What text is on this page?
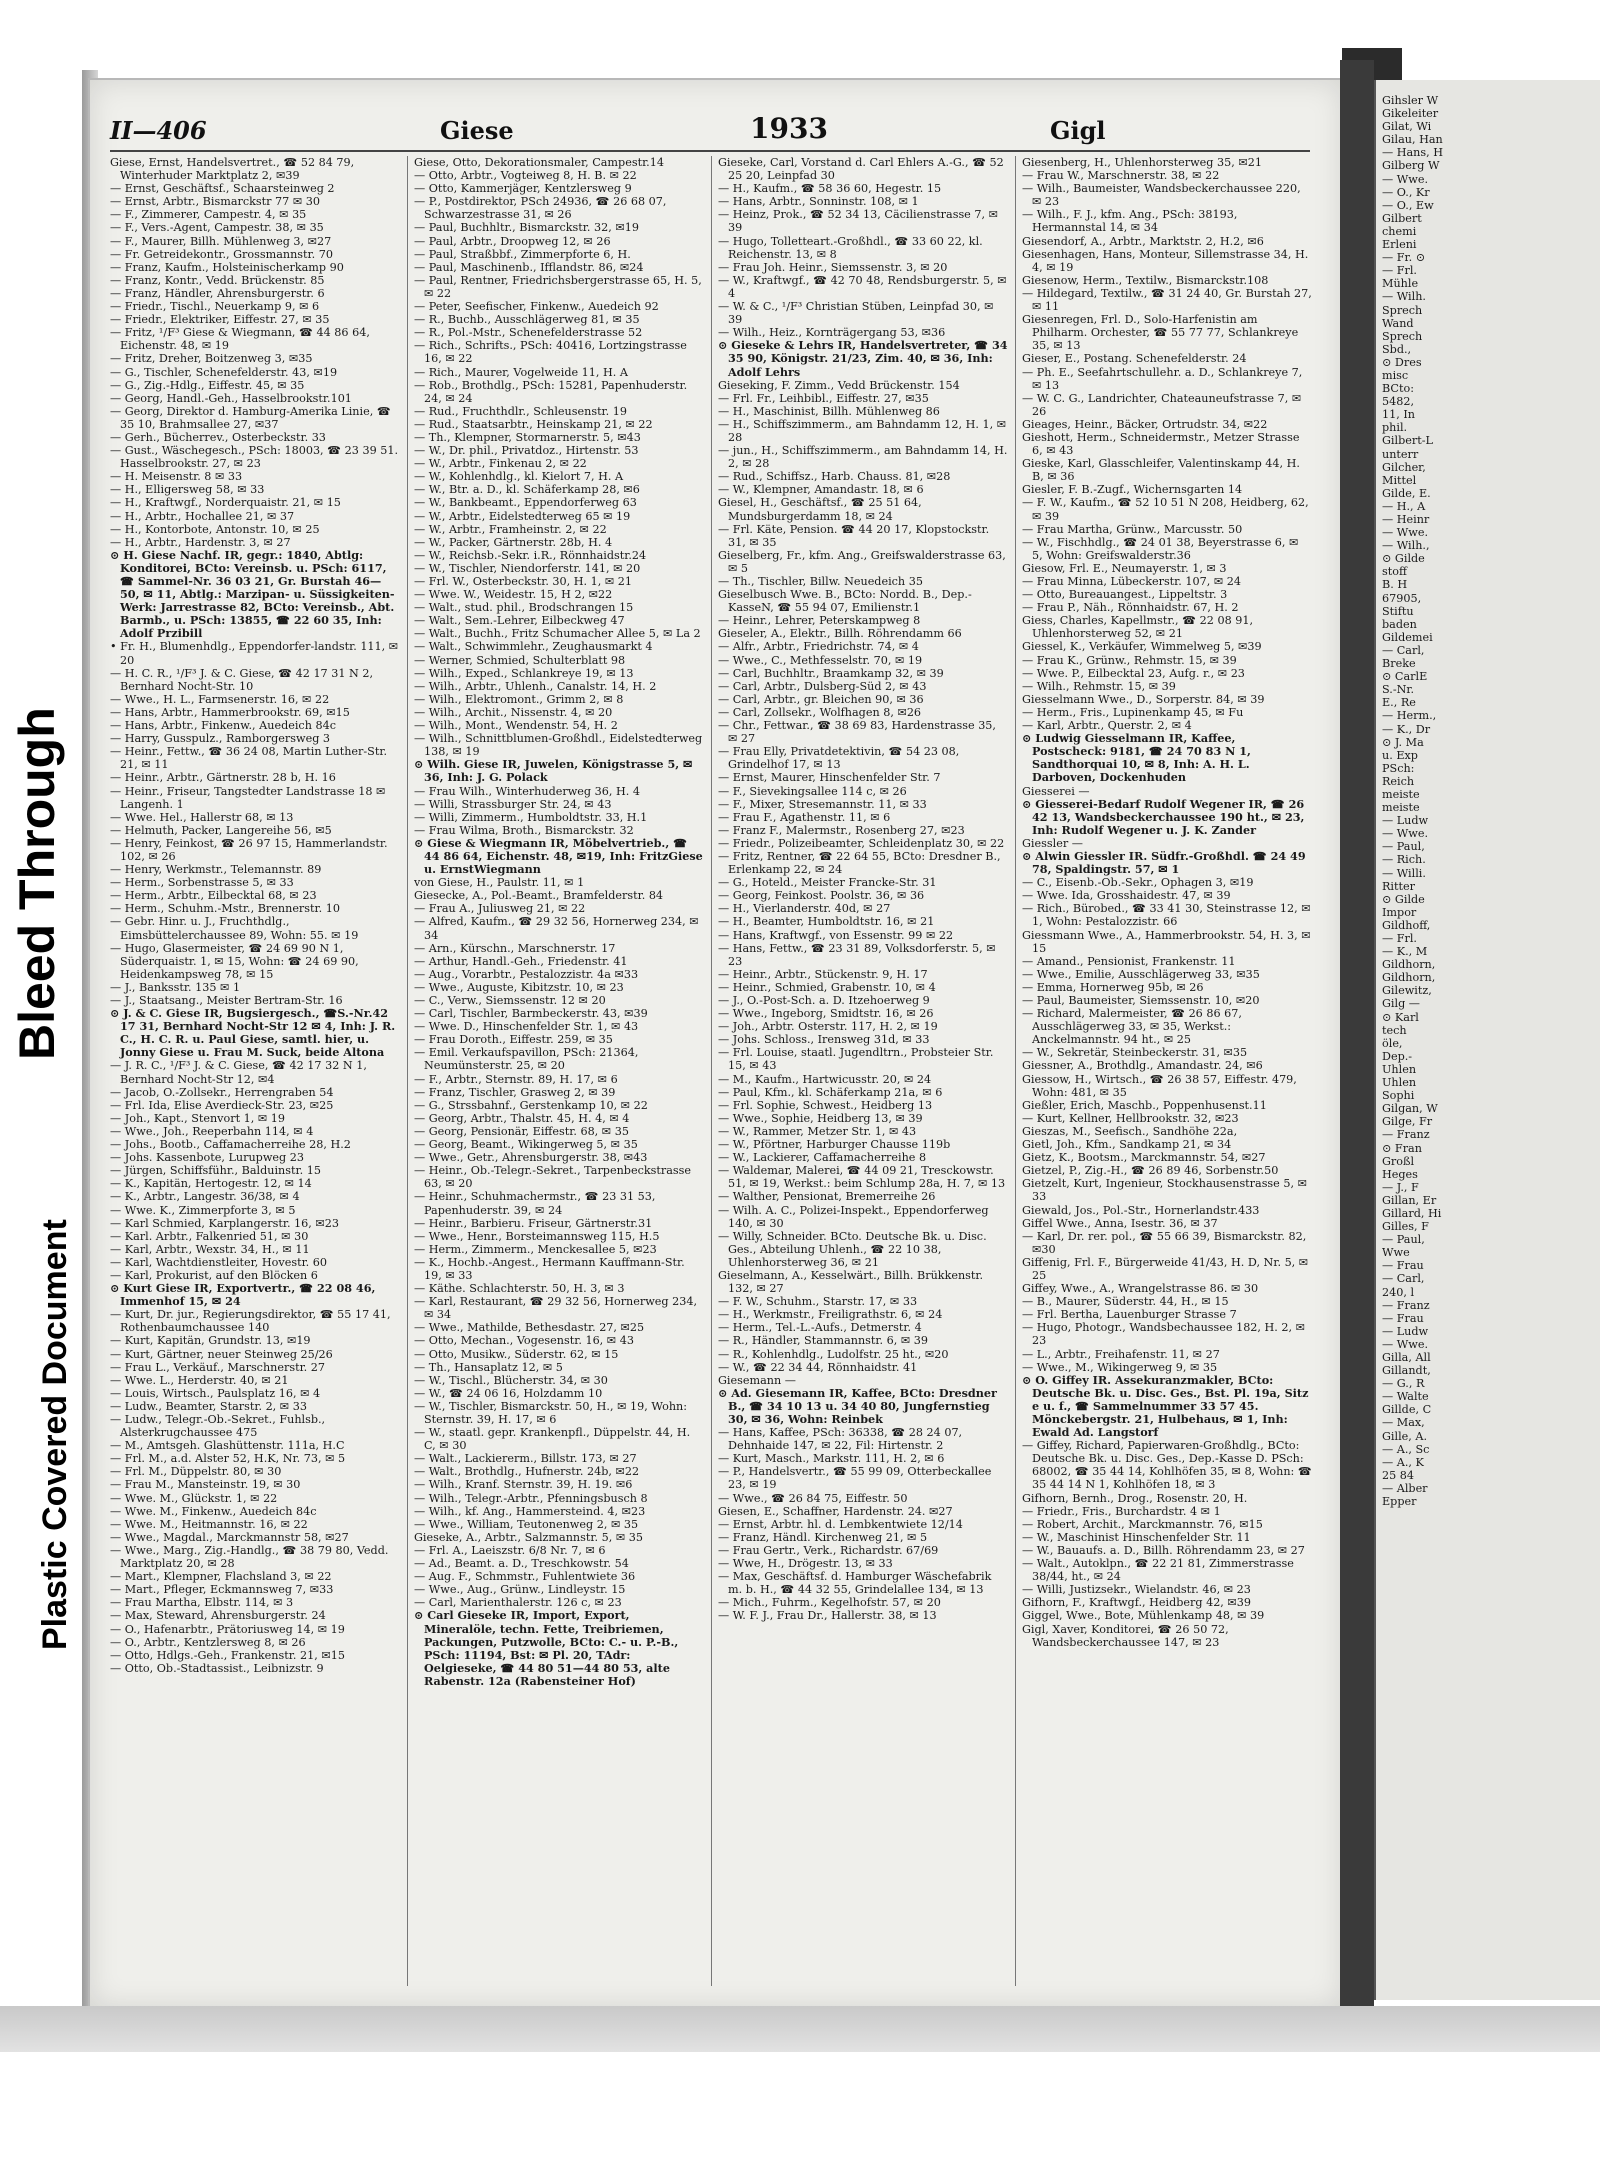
Gihsler W
Gikeleiter
Gilat, Wi
Gilau, Han
— Hans, H
Gilberg W
— Wwe.
— O., Kr
— O., Ew
Gilbert
chemi
Erleni
— Fr. ⊙
— Frl.
Mühle
— Wilh.
Sprech
Wand
Sprech
Sbd.,
⊙ Dres
misc
BCto:
5482,
11, In
phil.
Gilbert-L
unterr
Gilcher,
Mittel
Gilde, E.
— H., A
— Heinr
— Wwe.
— Wilh.,
⊙ Gilde
stoff
B. H
67905,
Stiftu
baden
Gildemei
— Carl,
Breke
⊙ CarlE
S.-Nr.
E., Re
— Herm.,
— K., Dr
⊙ J. Ma
u. Exp
PSch:
Reich
meiste
meiste
— Ludw
— Wwe.
— Paul,
— Rich.
— Willi.
Ritter
⊙ Gilde
Impor
Gildhoff,
— Frl.
— K., M
Gildhorn,
Gildhorn,
Gilewitz,
Gilg —
⊙ Karl
tech
öle,
Dep.-
Uhlen
Uhlen
Sophi
Gilgan, W
Gilge, Fr
— Franz
⊙ Fran
Großl
Heges
— J., F
Gillan, Er
Gillard, Hi
Gilles, F
— Paul,
Wwe
— Frau
— Carl,
240, l
— Franz
— Frau
— Ludw
— Wwe.
Gilla, All
Gillandt,
— G., R
— Walte
Gillde, C
— Max,
Gille, A.
— A., Sc
— A., K
25 84
— Alber
Epper
Bleed Through
Plastic Covered Document
II—406	Giese	1933	Gigl

Giese, Ernst, Handelsvertret., ☎ 52 84 79, Winterhuder Marktplatz 2, ✉39

— Ernst, Geschäftsf., Schaarsteinweg 2

— Ernst, Arbtr., Bismarckstr 77 ✉ 30

— F., Zimmerer, Campestr. 4, ✉ 35

— F., Vers.-Agent, Campestr. 38, ✉ 35

— F., Maurer, Billh. Mühlenweg 3, ✉27

— Fr. Getreidekontr., Grossmannstr. 70

— Franz, Kaufm., Holsteinischerkamp 90

— Franz, Kontr., Vedd. Brückenstr. 85

— Franz, Händler, Ahrensburgerstr. 6

— Friedr., Tischl., Neuerkamp 9, ✉ 6

— Friedr., Elektriker, Eiffestr. 27, ✉ 35

— Fritz, ¹/F³ Giese & Wiegmann, ☎ 44 86 64, Eichenstr. 48, ✉ 19

— Fritz, Dreher, Boitzenweg 3, ✉35

— G., Tischler, Schenefelderstr. 43, ✉19

— G., Zig.-Hdlg., Eiffestr. 45, ✉ 35

— Georg, Handl.-Geh., Hasselbrookstr.101

— Georg, Direktor d. Hamburg-Amerika Linie, ☎ 35 10, Brahmsallee 27, ✉37

— Gerh., Bücherrev., Osterbeckstr. 33

— Gust., Wäschegesch., PSch: 18003, ☎ 23 39 51. Hasselbrookstr. 27, ✉ 23

— H. Meisenstr. 8 ✉ 33

— H., Elligersweg 58, ✉ 33

— H., Kraftwgf., Norderquaistr. 21, ✉ 15

— H., Arbtr., Hochallee 21, ✉ 37

— H., Kontorbote, Antonstr. 10, ✉ 25

— H., Arbtr., Hardenstr. 3, ✉ 27

⊙ H. Giese Nachf. IR, gegr.: 1840, Abtlg: Konditorei, BCto: Vereinsb. u. PSch: 6117, ☎ Sammel-Nr. 36 03 21, Gr. Burstah 46—50, ✉ 11, Abtlg.: Marzipan- u. Süssigkeiten-Werk: Jarrestrasse 82, BCto: Vereinsb., Abt. Barmb., u. PSch: 13855, ☎ 22 60 35, Inh: Adolf Przibill

• Fr. H., Blumenhdlg., Eppendorfer-landstr. 111, ✉ 20

— H. C. R., ¹/F³ J. & C. Giese, ☎ 42 17 31 N 2, Bernhard Nocht-Str. 10

— Wwe., H. L., Farmsenerstr. 16, ✉ 22

— Hans, Arbtr., Hammerbrookstr. 69, ✉15

— Hans, Arbtr., Finkenw., Auedeich 84c

— Harry, Gusspulz., Ramborgersweg 3

— Heinr., Fettw., ☎ 36 24 08, Martin Luther-Str. 21, ✉ 11

— Heinr., Arbtr., Gärtnerstr. 28 b, H. 16

— Heinr., Friseur, Tangstedter Landstrasse 18 ✉ Langenh. 1

— Wwe. Hel., Hallerstr 68, ✉ 13

— Helmuth, Packer, Langereihe 56, ✉5

— Henry, Feinkost, ☎ 26 97 15, Hammerlandstr. 102, ✉ 26

— Henry, Werkmstr., Telemannstr. 89

— Herm., Sorbenstrasse 5, ✉ 33

— Herm., Arbtr., Eilbecktal 68, ✉ 23

— Herm., Schuhm.-Mstr., Brennerstr. 10

— Gebr. Hinr. u. J., Fruchthdlg., Eimsbüttelerchaussee 89, Wohn: 55. ✉ 19

— Hugo, Glasermeister, ☎ 24 69 90 N 1, Süderquaistr. 1, ✉ 15, Wohn: ☎ 24 69 90, Heidenkampsweg 78, ✉ 15

— J., Banksstr. 135 ✉ 1

— J., Staatsang., Meister Bertram-Str. 16

⊙ J. & C. Giese IR, Bugsiergesch., ☎S.-Nr.42 17 31, Bernhard Nocht-Str 12 ✉ 4, Inh: J. R. C., H. C. R. u. Paul Giese, samtl. hier, u. Jonny Giese u. Frau M. Suck, beide Altona

— J. R. C., ¹/F³ J. & C. Giese, ☎ 42 17 32 N 1, Bernhard Nocht-Str 12, ✉4

— Jacob, O.-Zollsekr., Herrengraben 54

— Frl. Ida, Elise Averdieck-Str. 23, ✉25

— Joh., Kapt., Stenvort 1, ✉ 19

— Wwe., Joh., Reeperbahn 114, ✉ 4

— Johs., Bootb., Caffamacherreihe 28, H.2

— Johs. Kassenbote, Lurupweg 23

— Jürgen, Schiffsführ., Balduinstr. 15

— K., Kapitän, Hertogestr. 12, ✉ 14

— K., Arbtr., Langestr. 36/38, ✉ 4

— Wwe. K., Zimmerpforte 3, ✉ 5

— Karl Schmied, Karplangerstr. 16, ✉23

— Karl. Arbtr., Falkenried 51, ✉ 30

— Karl, Arbtr., Wexstr. 34, H., ✉ 11

— Karl, Wachtdienstleiter, Hovestr. 60

— Karl, Prokurist, auf den Blöcken 6

⊙ Kurt Giese IR, Exportvertr., ☎ 22 08 46, Immenhof 15, ✉ 24

— Kurt, Dr. jur., Regierungsdirektor, ☎ 55 17 41, Rothenbaumchaussee 140

— Kurt, Kapitän, Grundstr. 13, ✉19

— Kurt, Gärtner, neuer Steinweg 25/26

— Frau L., Verkäuf., Marschnerstr. 27

— Wwe. L., Herderstr. 40, ✉ 21

— Louis, Wirtsch., Paulsplatz 16, ✉ 4

— Ludw., Beamter, Starstr. 2, ✉ 33

— Ludw., Telegr.-Ob.-Sekret., Fuhlsb., Alsterkrugchaussee 475

— M., Amtsgeh. Glashüttenstr. 111a, H.C

— Frl. M., a.d. Alster 52, H.K, Nr. 73, ✉ 5

— Frl. M., Düppelstr. 80, ✉ 30

— Frau M., Mansteinstr. 19, ✉ 30

— Wwe. M., Glückstr. 1, ✉ 22

— Wwe. M., Finkenw., Auedeich 84c

— Wwe. M., Heitmannstr. 16, ✉ 22

— Wwe., Magdal., Marckmannstr 58, ✉27

— Wwe., Marg., Zig.-Handlg., ☎ 38 79 80, Vedd. Marktplatz 20, ✉ 28

— Mart., Klempner, Flachsland 3, ✉ 22

— Mart., Pfleger, Eckmannsweg 7, ✉33

— Frau Martha, Elbstr. 114, ✉ 3

— Max, Steward, Ahrensburgerstr. 24

— O., Hafenarbtr., Prätoriusweg 14, ✉ 19

— O., Arbtr., Kentzlersweg 8, ✉ 26

— Otto, Hdlgs.-Geh., Frankenstr. 21, ✉15

— Otto, Ob.-Stadtassist., Leibnizstr. 9

Giese, Otto, Dekorationsmaler, Campestr.14

— Otto, Arbtr., Vogteiweg 8, H. B. ✉ 22

— Otto, Kammerjäger, Kentzlersweg 9

— P., Postdirektor, PSch 24936, ☎ 26 68 07, Schwarzestrasse 31, ✉ 26

— Paul, Buchhltr., Bismarckstr. 32, ✉19

— Paul, Arbtr., Droopweg 12, ✉ 26

— Paul, Straßbbf., Zimmerpforte 6, H.

— Paul, Maschinenb., Ifflandstr. 86, ✉24

— Paul, Rentner, Friedrichsbergerstrasse 65, H. 5, ✉ 22

— Peter, Seefischer, Finkenw., Auedeich 92

— R., Buchb., Ausschlägerweg 81, ✉ 35

— R., Pol.-Mstr., Schenefelderstrasse 52

— Rich., Schrifts., PSch: 40416, Lortzingstrasse 16, ✉ 22

— Rich., Maurer, Vogelweide 11, H. A

— Rob., Brothdlg., PSch: 15281, Papenhuderstr. 24, ✉ 24

— Rud., Fruchthdlr., Schleusenstr. 19

— Rud., Staatsarbtr., Heinskamp 21, ✉ 22

— Th., Klempner, Stormarnerstr. 5, ✉43

— W., Dr. phil., Privatdoz., Hirtenstr. 53

— W., Arbtr., Finkenau 2, ✉ 22

— W., Kohlenhdlg., kl. Kielort 7, H. A

— W., Btr. a. D., kl. Schäferkamp 28, ✉6

— W., Bankbeamt., Eppendorferweg 63

— W., Arbtr., Eidelstedterweg 65 ✉ 19

— W., Arbtr., Framheinstr. 2, ✉ 22

— W., Packer, Gärtnerstr. 28b, H. 4

— W., Reichsb.-Sekr. i.R., Rönnhaidstr.24

— W., Tischler, Niendorferstr. 141, ✉ 20

— Frl. W., Osterbeckstr. 30, H. 1, ✉ 21

— Wwe. W., Weidestr. 15, H 2, ✉22

— Walt., stud. phil., Brodschrangen 15

— Walt., Sem.-Lehrer, Eilbeckweg 47

— Walt., Buchh., Fritz Schumacher Allee 5, ✉ La 2

— Walt., Schwimmlehr., Zeughausmarkt 4

— Werner, Schmied, Schulterblatt 98

— Wilh., Exped., Schlankreye 19, ✉ 13

— Wilh., Arbtr., Uhlenh., Canalstr. 14, H. 2

— Wilh., Elektromont., Grimm 2, ✉ 8

— Wilh., Archit., Nissenstr. 4, ✉ 20

— Wilh., Mont., Wendenstr. 54, H. 2

— Wilh., Schnittblumen-Großhdl., Eidelstedterweg 138, ✉ 19

⊙ Wilh. Giese IR, Juwelen, Königstrasse 5, ✉ 36, Inh: J. G. Polack

— Frau Wilh., Winterhuderweg 36, H. 4

— Willi, Strassburger Str. 24, ✉ 43

— Willi, Zimmerm., Humboldtstr. 33, H.1

— Frau Wilma, Broth., Bismarckstr. 32

⊙ Giese & Wiegmann IR, Möbelvertrieb., ☎ 44 86 64, Eichenstr. 48, ✉19, Inh: FritzGiese u. ErnstWiegmann

von Giese, H., Paulstr. 11, ✉ 1

Giesecke, A., Pol.-Beamt., Bramfelderstr. 84

— Frau A., Juliusweg 21, ✉ 22

— Alfred, Kaufm., ☎ 29 32 56, Hornerweg 234, ✉ 34

— Arn., Kürschn., Marschnerstr. 17

— Arthur, Handl.-Geh., Friedenstr. 41

— Aug., Vorarbtr., Pestalozzistr. 4a ✉33

— Wwe., Auguste, Kibitzstr. 10, ✉ 23

— C., Verw., Siemssenstr. 12 ✉ 20

— Carl, Tischler, Barmbeckerstr. 43, ✉39

— Wwe. D., Hinschenfelder Str. 1, ✉ 43

— Frau Doroth., Eiffestr. 259, ✉ 35

— Emil. Verkaufspavillon, PSch: 21364, Neumünsterstr. 25, ✉ 20

— F., Arbtr., Sternstr. 89, H. 17, ✉ 6

— Franz, Tischler, Grasweg 2, ✉ 39

— G., Strssbahnf., Gerstenkamp 10, ✉ 22

— Georg, Arbtr., Thalstr. 45, H. 4, ✉ 4

— Georg, Pensionär, Eiffestr. 68, ✉ 35

— Georg, Beamt., Wikingerweg 5, ✉ 35

— Wwe., Getr., Ahrensburgerstr. 38, ✉43

— Heinr., Ob.-Telegr.-Sekret., Tarpenbeckstrasse 63, ✉ 20

— Heinr., Schuhmachermstr., ☎ 23 31 53, Papenhuderstr. 39, ✉ 24

— Heinr., Barbieru. Friseur, Gärtnerstr.31

— Wwe., Henr., Borsteimannsweg 115, H.5

— Herm., Zimmerm., Menckesallee 5, ✉23

— K., Hochb.-Angest., Hermann Kauffmann-Str. 19, ✉ 33

— Käthe. Schlachterstr. 50, H. 3, ✉ 3

— Karl, Restaurant, ☎ 29 32 56, Hornerweg 234, ✉ 34

— Wwe., Mathilde, Bethesdastr. 27, ✉25

— Otto, Mechan., Vogesenstr. 16, ✉ 43

— Otto, Musikw., Süderstr. 62, ✉ 15

— Th., Hansaplatz 12, ✉ 5

— W., Tischl., Blücherstr. 34, ✉ 30

— W., ☎ 24 06 16, Holzdamm 10

— W., Tischler, Bismarckstr. 50, H., ✉ 19, Wohn: Sternstr. 39, H. 17, ✉ 6

— W., staatl. gepr. Krankenpfl., Düppelstr. 44, H. C, ✉ 30

— Walt., Lackiererm., Billstr. 173, ✉ 27

— Walt., Brothdlg., Hufnerstr. 24b, ✉22

— Wilh., Kranf. Sternstr. 39, H. 19. ✉6

— Wilh., Telegr.-Arbtr., Pfenningsbusch 8

— Wilh., kf. Ang., Hammersteind. 4, ✉23

— Wwe., William, Teutonenweg 2, ✉ 35

Gieseke, A., Arbtr., Salzmannstr. 5, ✉ 35

— Frl. A., Laeiszstr. 6/8 Nr. 7, ✉ 6

— Ad., Beamt. a. D., Treschkowstr. 54

— Aug. F., Schmmstr., Fuhlentwiete 36

— Wwe., Aug., Grünw., Lindleystr. 15

— Carl, Marienthalerstr. 126 c, ✉ 23

⊙ Carl Gieseke IR, Import, Export, Mineralöle, techn. Fette, Treibriemen, Packungen, Putzwolle, BCto: C.- u. P.-B., PSch: 11194, Bst: ✉ Pl. 20, TAdr: Oelgieseke, ☎ 44 80 51—44 80 53, alte Rabenstr. 12a (Rabensteiner Hof)

Gieseke, Carl, Vorstand d. Carl Ehlers A.-G., ☎ 52 25 20, Leinpfad 30

— H., Kaufm., ☎ 58 36 60, Hegestr. 15

— Hans, Arbtr., Sonninstr. 108, ✉ 1

— Heinz, Prok., ☎ 52 34 13, Cäcilienstrasse 7, ✉ 39

— Hugo, Tolletteart.-Großhdl., ☎ 33 60 22, kl. Reichenstr. 13, ✉ 8

— Frau Joh. Heinr., Siemssenstr. 3, ✉ 20

— W., Kraftwgf., ☎ 42 70 48, Rendsburgerstr. 5, ✉ 4

— W. & C., ¹/F³ Christian Stüben, Leinpfad 30, ✉ 39

— Wilh., Heiz., Kornträgergang 53, ✉36

⊙ Gieseke & Lehrs IR, Handelsvertreter, ☎ 34 35 90, Königstr. 21/23, Zim. 40, ✉ 36, Inh: Adolf Lehrs

Gieseking, F. Zimm., Vedd Brückenstr. 154

— Frl. Fr., Leihbibl., Eiffestr. 27, ✉35

— H., Maschinist, Billh. Mühlenweg 86

— H., Schiffszimmerm., am Bahndamm 12, H. 1, ✉ 28

— jun., H., Schiffszimmerm., am Bahndamm 14, H. 2, ✉ 28

— Rud., Schiffsz., Harb. Chauss. 81, ✉28

— W., Klempner, Amandastr. 18, ✉ 6

Giesel, H., Geschäftsf., ☎ 25 51 64, Mundsburgerdamm 18, ✉ 24

— Frl. Käte, Pension. ☎ 44 20 17, Klopstockstr. 31, ✉ 35

Gieselberg, Fr., kfm. Ang., Greifswalderstrasse 63, ✉ 5

— Th., Tischler, Billw. Neuedeich 35

Gieselbusch Wwe. B., BCto: Nordd. B., Dep.-KasseN, ☎ 55 94 07, Emilienstr.1

— Heinr., Lehrer, Peterskampweg 8

Gieseler, A., Elektr., Billh. Röhrendamm 66

— Alfr., Arbtr., Friedrichstr. 74, ✉ 4

— Wwe., C., Methfesselstr. 70, ✉ 19

— Carl, Buchhltr., Braamkamp 32, ✉ 39

— Carl, Arbtr., Dulsberg-Süd 2, ✉ 43

— Carl, Arbtr., gr. Bleichen 90, ✉ 36

— Carl, Zollsekr., Wolfhagen 8, ✉26

— Chr., Fettwar., ☎ 38 69 83, Hardenstrasse 35, ✉ 27

— Frau Elly, Privatdetektivin, ☎ 54 23 08, Grindelhof 17, ✉ 13

— Ernst, Maurer, Hinschenfelder Str. 7

— F., Sievekingsallee 114 c, ✉ 26

— F., Mixer, Stresemannstr. 11, ✉ 33

— Frau F., Agathenstr. 11, ✉ 6

— Franz F., Malermstr., Rosenberg 27, ✉23

— Friedr., Polizeibeamter, Schleidenplatz 30, ✉ 22

— Fritz, Rentner, ☎ 22 64 55, BCto: Dresdner B., Erlenkamp 22, ✉ 24

— G., Hoteld., Meister Francke-Str. 31

— Georg, Feinkost. Poolstr. 36, ✉ 36

— H., Vierlanderstr. 40d, ✉ 27

— H., Beamter, Humboldtstr. 16, ✉ 21

— Hans, Kraftwgf., von Essenstr. 99 ✉ 22

— Hans, Fettw., ☎ 23 31 89, Volksdorferstr. 5, ✉ 23

— Heinr., Arbtr., Stückenstr. 9, H. 17

— Heinr., Schmied, Grabenstr. 10, ✉ 4

— J., O.-Post-Sch. a. D. Itzehoerweg 9

— Wwe., Ingeborg, Smidtstr. 16, ✉ 26

— Joh., Arbtr. Osterstr. 117, H. 2, ✉ 19

— Johs. Schloss., Irensweg 31d, ✉ 33

— Frl. Louise, staatl. Jugendltrn., Probsteier Str. 15, ✉ 43

— M., Kaufm., Hartwicusstr. 20, ✉ 24

— Paul, Kfm., kl. Schäferkamp 21a, ✉ 6

— Frl. Sophie, Schwest., Heidberg 13

— Wwe., Sophie, Heidberg 13, ✉ 39

— W., Rammer, Metzer Str. 1, ✉ 43

— W., Pförtner, Harburger Chausse 119b

— W., Lackierer, Caffamacherreihe 8

— Waldemar, Malerei, ☎ 44 09 21, Tresckowstr. 51, ✉ 19, Werkst.: beim Schlump 28a, H. 7, ✉ 13

— Walther, Pensionat, Bremerreihe 26

— Wilh. A. C., Polizei-Inspekt., Eppendorferweg 140, ✉ 30

— Willy, Schneider. BCto. Deutsche Bk. u. Disc. Ges., Abteilung Uhlenh., ☎ 22 10 38, Uhlenhorsterweg 36, ✉ 21

Gieselmann, A., Kesselwärt., Billh. Brükkenstr. 132, ✉ 27

— F. W., Schuhm., Starstr. 17, ✉ 33

— H., Werkmstr., Freiligrathstr. 6, ✉ 24

— Herm., Tel.-L.-Aufs., Detmerstr. 4

— R., Händler, Stammannstr. 6, ✉ 39

— R., Kohlenhdlg., Ludolfstr. 25 ht., ✉20

— W., ☎ 22 34 44, Rönnhaidstr. 41

Giesemann —

⊙ Ad. Giesemann IR, Kaffee, BCto: Dresdner B., ☎ 34 10 13 u. 34 40 80, Jungfernstieg 30, ✉ 36, Wohn: Reinbek

— Hans, Kaffee, PSch: 36338, ☎ 28 24 07, Dehnhaide 147, ✉ 22, Fil: Hirtenstr. 2

— Kurt, Masch., Markstr. 111, H. 2, ✉ 6

— P., Handelsvertr., ☎ 55 99 09, Otterbeckallee 23, ✉ 19

— Wwe., ☎ 26 84 75, Eiffestr. 50

Giesen, E., Schaffner, Hardenstr. 24. ✉27

— Ernst, Arbtr. hl. d. Lembkentwiete 12/14

— Franz, Händl. Kirchenweg 21, ✉ 5

— Frau Gertr., Verk., Richardstr. 67/69

— Wwe, H., Drögestr. 13, ✉ 33

— Max, Geschäftsf. d. Hamburger Wäschefabrik m. b. H., ☎ 44 32 55, Grindelallee 134, ✉ 13

— Mich., Fuhrm., Kegelhofstr. 57, ✉ 20

— W. F. J., Frau Dr., Hallerstr. 38, ✉ 13

Giesenberg, H., Uhlenhorsterweg 35, ✉21

— Frau W., Marschnerstr. 38, ✉ 22

— Wilh., Baumeister, Wandsbeckerchaussee 220, ✉ 23

— Wilh., F. J., kfm. Ang., PSch: 38193, Hermannstal 14, ✉ 34

Giesendorf, A., Arbtr., Marktstr. 2, H.2, ✉6

Giesenhagen, Hans, Monteur, Sillemstrasse 34, H. 4, ✉ 19

Giesenow, Herm., Textilw., Bismarckstr.108

— Hildegard, Textilw., ☎ 31 24 40, Gr. Burstah 27, ✉ 11

Giesenregen, Frl. D., Solo-Harfenistin am Philharm. Orchester, ☎ 55 77 77, Schlankreye 35, ✉ 13

Gieser, E., Postang. Schenefelderstr. 24

— Ph. E., Seefahrtschullehr. a. D., Schlankreye 7, ✉ 13

— W. C. G., Landrichter, Chateauneufstrasse 7, ✉ 26

Gieages, Heinr., Bäcker, Ortrudstr. 34, ✉22

Gieshott, Herm., Schneidermstr., Metzer Strasse 6, ✉ 43

Gieske, Karl, Glasschleifer, Valentinskamp 44, H. B, ✉ 36

Giesler, F. B.-Zugf., Wichernsgarten 14

— F. W., Kaufm., ☎ 52 10 51 N 208, Heidberg, 62, ✉ 39

— Frau Martha, Grünw., Marcusstr. 50

— W., Fischhdlg., ☎ 24 01 38, Beyerstrasse 6, ✉ 5, Wohn: Greifswalderstr.36

Giesow, Frl. E., Neumayerstr. 1, ✉ 3

— Frau Minna, Lübeckerstr. 107, ✉ 24

— Otto, Bureauangest., Lippeltstr. 3

— Frau P., Näh., Rönnhaidstr. 67, H. 2

Giess, Charles, Kapellmstr., ☎ 22 08 91, Uhlenhorsterweg 52, ✉ 21

Giessel, K., Verkäufer, Wimmelweg 5, ✉39

— Frau K., Grünw., Rehmstr. 15, ✉ 39

— Wwe. P., Eilbecktal 23, Aufg. r., ✉ 23

— Wilh., Rehmstr. 15, ✉ 39

Giesselmann Wwe., D., Sorperstr. 84, ✉ 39

— Herm., Fris., Lupinenkamp 45, ✉ Fu

— Karl, Arbtr., Querstr. 2, ✉ 4

⊙ Ludwig Giesselmann IR, Kaffee, Postscheck: 9181, ☎ 24 70 83 N 1, Sandthorquai 10, ✉ 8, Inh: A. H. L. Darboven, Dockenhuden

Giesserei —

⊙ Giesserei-Bedarf Rudolf Wegener IR, ☎ 26 42 13, Wandsbeckerchaussee 190 ht., ✉ 23, Inh: Rudolf Wegener u. J. K. Zander

Giessler —

⊙ Alwin Giessler IR. Südfr.-Großhdl. ☎ 24 49 78, Spaldingstr. 57, ✉ 1

— C., Eisenb.-Ob.-Sekr., Ophagen 3, ✉19

— Wwe. Ida, Grosshaidestr. 47, ✉ 39

— Rich., Bürobed., ☎ 33 41 30, Steinstrasse 12, ✉ 1, Wohn: Pestalozzistr. 66

Giessmann Wwe., A., Hammerbrookstr. 54, H. 3, ✉ 15

— Amand., Pensionist, Frankenstr. 11

— Wwe., Emilie, Ausschlägerweg 33, ✉35

— Emma, Hornerweg 95b, ✉ 26

— Paul, Baumeister, Siemssenstr. 10, ✉20

— Richard, Malermeister, ☎ 26 86 67, Ausschlägerweg 33, ✉ 35, Werkst.: Anckelmannstr. 94 ht., ✉ 25

— W., Sekretär, Steinbeckerstr. 31, ✉35

Giessner, A., Brothdlg., Amandastr. 24, ✉6

Giessow, H., Wirtsch., ☎ 26 38 57, Eiffestr. 479, Wohn: 481, ✉ 35

Gießler, Erich, Maschb., Poppenhusenst.11

— Kurt, Kellner, Hellbrookstr. 32, ✉23

Gieszas, M., Seefisch., Sandhöhe 22a,

Gietl, Joh., Kfm., Sandkamp 21, ✉ 34

Gietz, K., Bootsm., Marckmannstr. 54, ✉27

Gietzel, P., Zig.-H., ☎ 26 89 46, Sorbenstr.50

Gietzelt, Kurt, Ingenieur, Stockhausenstrasse 5, ✉ 33

Giewald, Jos., Pol.-Str., Hornerlandstr.433

Giffel Wwe., Anna, Isestr. 36, ✉ 37

— Karl, Dr. rer. pol., ☎ 55 66 39, Bismarckstr. 82, ✉30

Giffenig, Frl. F., Bürgerweide 41/43, H. D, Nr. 5, ✉ 25

Giffey, Wwe., A., Wrangelstrasse 86. ✉ 30

— B., Maurer, Süderstr. 44, H., ✉ 15

— Frl. Bertha, Lauenburger Strasse 7

— Hugo, Photogr., Wandsbechaussee 182, H. 2, ✉ 23

— L., Arbtr., Freihafenstr. 11, ✉ 27

— Wwe., M., Wikingerweg 9, ✉ 35

⊙ O. Giffey IR. Assekuranzmakler, BCto: Deutsche Bk. u. Disc. Ges., Bst. Pl. 19a, Sitz e u. f., ☎ Sammelnummer 33 57 45. Mönckebergstr. 21, Hulbehaus, ✉ 1, Inh: Ewald Ad. Langstorf

— Giffey, Richard, Papierwaren-Großhdlg., BCto: Deutsche Bk. u. Disc. Ges., Dep.-Kasse D. PSch: 68002, ☎ 35 44 14, Kohlhöfen 35, ✉ 8, Wohn: ☎ 35 44 14 N 1, Kohlhöfen 18, ✉ 3

Gifhorn, Bernh., Drog., Rosenstr. 20, H.

— Friedr., Fris., Burchardstr. 4 ✉ 1

— Robert, Archit., Marckmannstr. 76, ✉15

— W., Maschinist Hinschenfelder Str. 11

— W., Bauaufs. a. D., Billh. Röhrendamm 23, ✉ 27

— Walt., Autoklpn., ☎ 22 21 81, Zimmerstrasse 38/44, ht., ✉ 24

— Willi, Justizsekr., Wielandstr. 46, ✉ 23

Gifhorn, F., Kraftwgf., Heidberg 42, ✉39

Giggel, Wwe., Bote, Mühlenkamp 48, ✉ 39

Gigl, Xaver, Konditorei, ☎ 26 50 72, Wandsbeckerchaussee 147, ✉ 23
